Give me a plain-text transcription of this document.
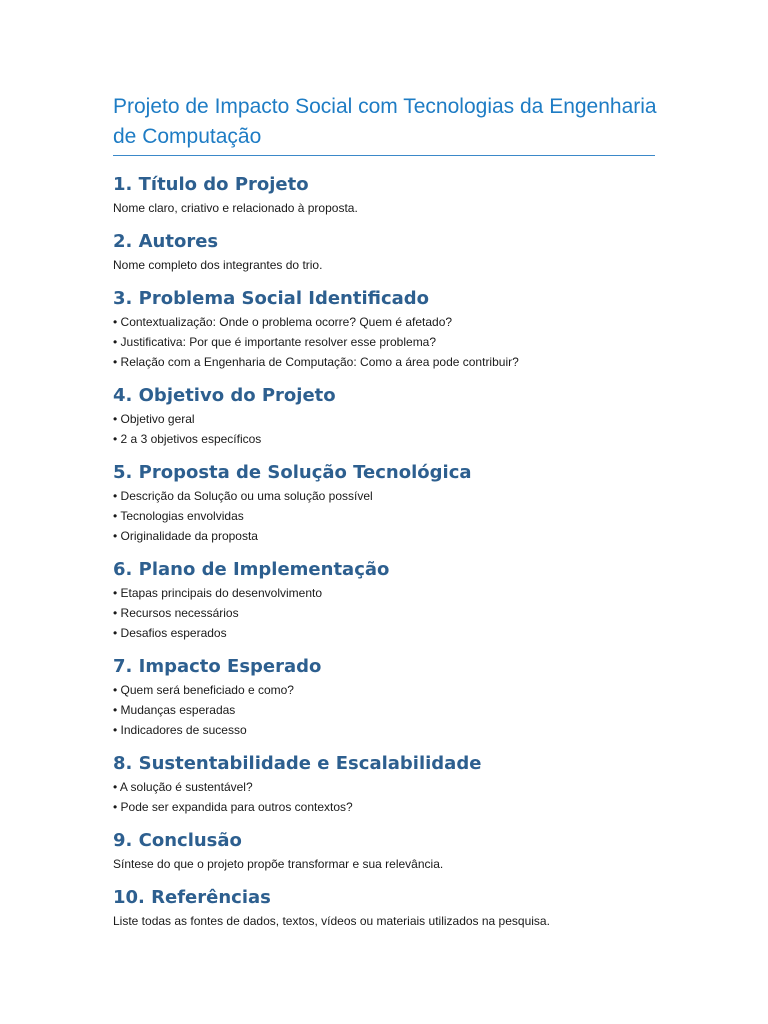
Projeto de Impacto Social com Tecnologias da Engenharia de Computação
1. Título do Projeto
Nome claro, criativo e relacionado à proposta.
2. Autores
Nome completo dos integrantes do trio.
3. Problema Social Identificado
• Contextualização: Onde o problema ocorre? Quem é afetado?
• Justificativa: Por que é importante resolver esse problema?
• Relação com a Engenharia de Computação: Como a área pode contribuir?
4. Objetivo do Projeto
• Objetivo geral
• 2 a 3 objetivos específicos
5. Proposta de Solução Tecnológica
• Descrição da Solução ou uma solução possível
• Tecnologias envolvidas
• Originalidade da proposta
6. Plano de Implementação
• Etapas principais do desenvolvimento
• Recursos necessários
• Desafios esperados
7. Impacto Esperado
• Quem será beneficiado e como?
• Mudanças esperadas
• Indicadores de sucesso
8. Sustentabilidade e Escalabilidade
• A solução é sustentável?
• Pode ser expandida para outros contextos?
9. Conclusão
Síntese do que o projeto propõe transformar e sua relevância.
10. Referências
Liste todas as fontes de dados, textos, vídeos ou materiais utilizados na pesquisa.
